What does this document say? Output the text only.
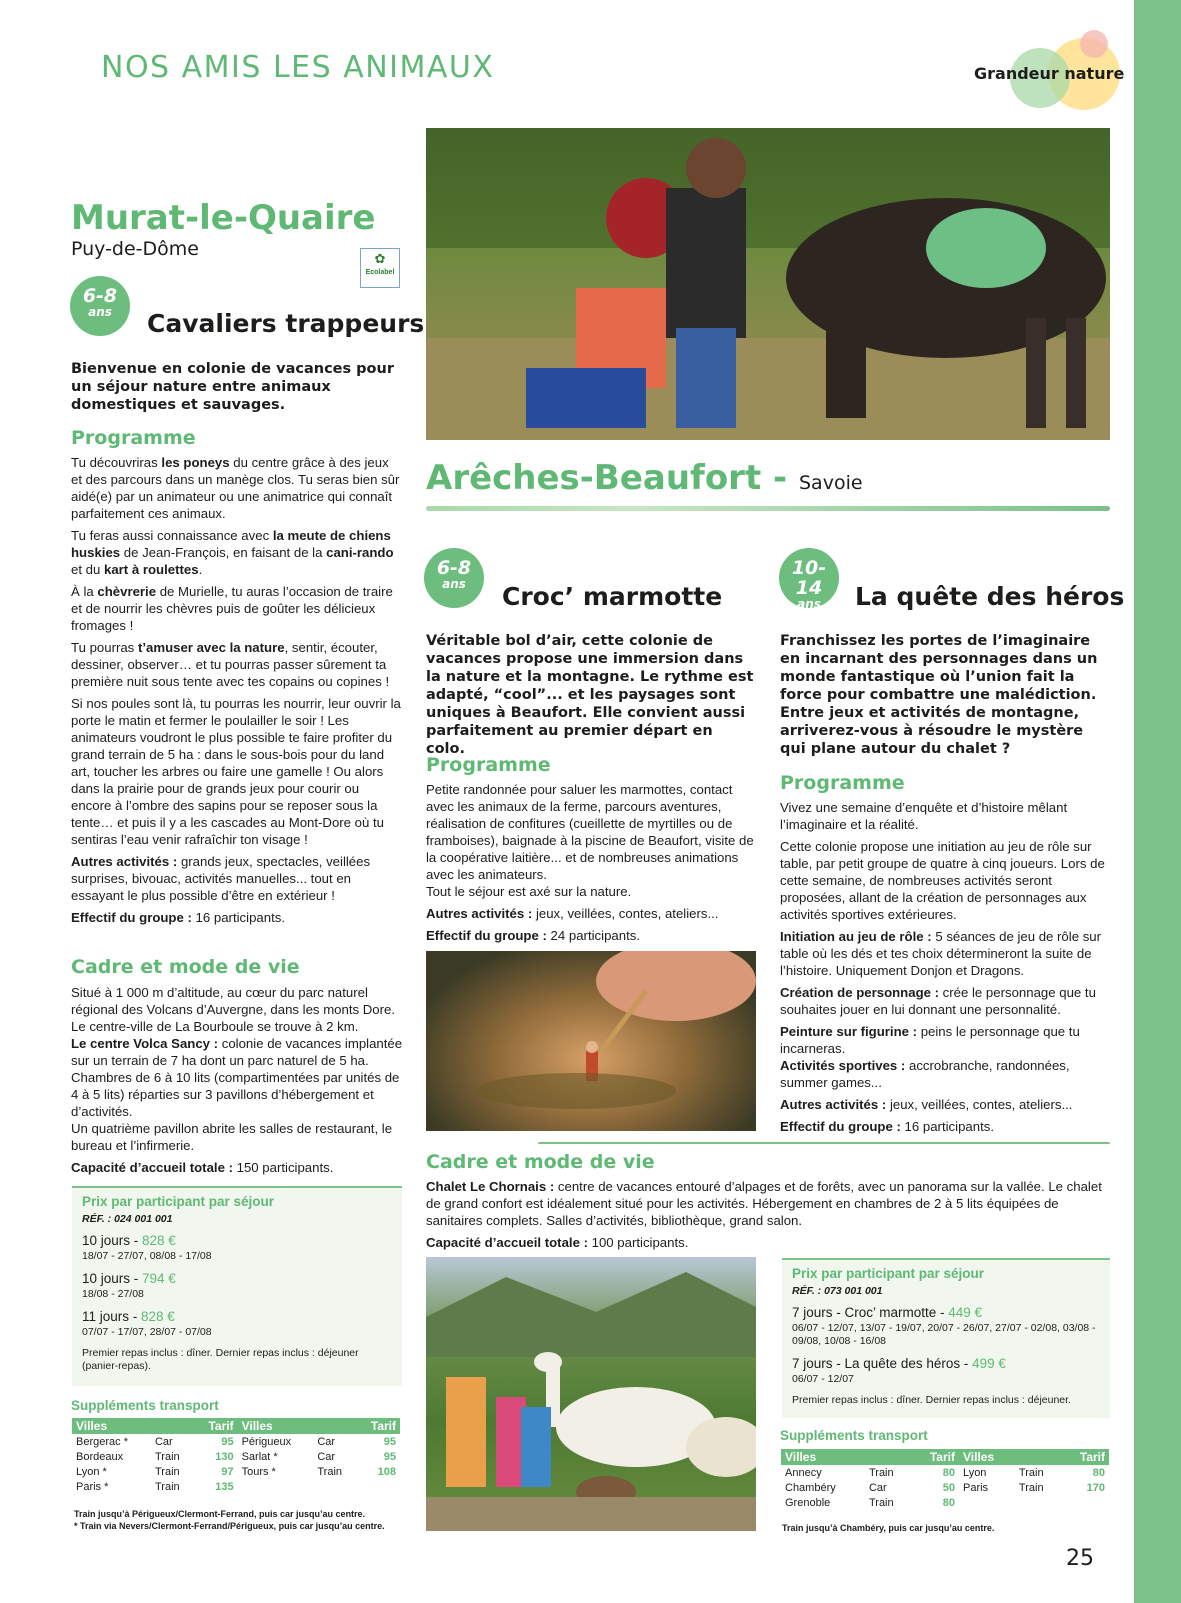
NOS AMIS LES ANIMAUX	Grandeur nature
Murat-le-Quaire
Puy-de-Dôme	✿
Ecolabel
6-8
ans	Cavaliers trappeurs
Bienvenue en colonie de vacances pour un séjour nature entre animaux domestiques et sauvages.
Programme

Tu découvriras les poneys du centre grâce à des jeux et des parcours dans un manège clos. Tu seras bien sûr aidé(e) par un animateur ou une animatrice qui connaît parfaitement ces animaux.

Tu feras aussi connaissance avec la meute de chiens huskies de Jean-François, en faisant de la cani-rando et du kart à roulettes.

À la chèvrerie de Murielle, tu auras l’occasion de traire et de nourrir les chèvres puis de goûter les délicieux fromages !

Tu pourras t’amuser avec la nature, sentir, écouter, dessiner, observer… et tu pourras passer sûrement ta première nuit sous tente avec tes copains ou copines !

Si nos poules sont là, tu pourras les nourrir, leur ouvrir la porte le matin et fermer le poulailler le soir ! Les animateurs voudront le plus possible te faire profiter du grand terrain de 5 ha : dans le sous-bois pour du land art, toucher les arbres ou faire une gamelle ! Ou alors dans la prairie pour de grands jeux pour courir ou encore à l’ombre des sapins pour se reposer sous la tente… et puis il y a les cascades au Mont-Dore où tu sentiras l’eau venir rafraîchir ton visage !

Autres activités : grands jeux, spectacles, veillées surprises, bivouac, activités manuelles... tout en essayant le plus possible d’être en extérieur !

Effectif du groupe : 16 participants.

Cadre et mode de vie
Situé à 1 000 m d’altitude, au cœur du parc naturel régional des Volcans d’Auvergne, dans les monts Dore. Le centre-ville de La Bourboule se trouve à 2 km.
Le centre Volca Sancy : colonie de vacances implantée sur un terrain de 7 ha dont un parc naturel de 5 ha. Chambres de 6 à 10 lits (compartimentées par unités de 4 à 5 lits) réparties sur 3 pavillons d’hébergement et d’activités.
Un quatrième pavillon abrite les salles de restaurant, le bureau et l’infirmerie.
Capacité d’accueil totale : 150 participants.
Prix par participant par séjour
RÉF. : 024 001 001
10 jours - 828 €
18/07 - 27/07, 08/08 - 17/08
10 jours - 794 €
18/08 - 27/08
11 jours - 828 €
07/07 - 17/07, 28/07 - 07/08
Premier repas inclus : dîner. Dernier repas inclus : déjeuner (panier-repas).
Suppléments transport
Villes		Tarif	Villes		Tarif
Bergerac *	Car	95	Périgueux	Car	95
Bordeaux	Train	130	Sarlat *	Car	95
Lyon *	Train	97	Tours *	Train	108
Paris *	Train	135			
Train jusqu’à Périgueux/Clermont-Ferrand, puis car jusqu’au centre.
* Train via Nevers/Clermont-Ferrand/Périgueux, puis car jusqu’au centre.
Arêches-Beaufort - Savoie
6-8
ans	Croc’ marmotte
Véritable bol d’air, cette colonie de vacances propose une immersion dans la nature et la montagne. Le rythme est adapté, “cool”... et les paysages sont uniques à Beaufort. Elle convient aussi parfaitement au premier départ en colo.
Programme
Petite randonnée pour saluer les marmottes, contact avec les animaux de la ferme, parcours aventures, réalisation de confitures (cueillette de myrtilles ou de framboises), baignade à la piscine de Beaufort, visite de la coopérative laitière... et de nombreuses animations avec les animateurs.

Tout le séjour est axé sur la nature.

Autres activités : jeux, veillées, contes, ateliers...

Effectif du groupe : 24 participants.

10-14
ans	La quête des héros
Franchissez les portes de l’imaginaire en incarnant des personnages dans un monde fantastique où l’union fait la force pour combattre une malédiction. Entre jeux et activités de montagne, arriverez-vous à résoudre le mystère qui plane autour du chalet ?
Programme

Vivez une semaine d’enquête et d’histoire mêlant l’imaginaire et la réalité.

Cette colonie propose une initiation au jeu de rôle sur table, par petit groupe de quatre à cinq joueurs. Lors de cette semaine, de nombreuses activités seront proposées, allant de la création de personnages aux activités sportives extérieures.

Initiation au jeu de rôle : 5 séances de jeu de rôle sur table où les dés et tes choix détermineront la suite de l’histoire. Uniquement Donjon et Dragons.

Création de personnage : crée le personnage que tu souhaites jouer en lui donnant une personnalité.

Peinture sur figurine : peins le personnage que tu incarneras.

Activités sportives : accrobranche, randonnées, summer games...

Autres activités : jeux, veillées, contes, ateliers...

Effectif du groupe : 16 participants.

Cadre et mode de vie

Chalet Le Chornais : centre de vacances entouré d’alpages et de forêts, avec un panorama sur la vallée. Le chalet de grand confort est idéalement situé pour les activités. Hébergement en chambres de 2 à 5 lits équipées de sanitaires complets. Salles d’activités, bibliothèque, grand salon.

Capacité d’accueil totale : 100 participants.

Prix par participant par séjour
RÉF. : 073 001 001
7 jours - Croc’ marmotte - 449 €
06/07 - 12/07, 13/07 - 19/07, 20/07 - 26/07, 27/07 - 02/08, 03/08 - 09/08, 10/08 - 16/08
7 jours - La quête des héros - 499 €
06/07 - 12/07
Premier repas inclus : dîner. Dernier repas inclus : déjeuner.
Suppléments transport
Villes		Tarif	Villes		Tarif
Annecy	Train	80	Lyon	Train	80
Chambéry	Car	50	Paris	Train	170
Grenoble	Train	80			
Train jusqu’à Chambéry, puis car jusqu’au centre.
25
